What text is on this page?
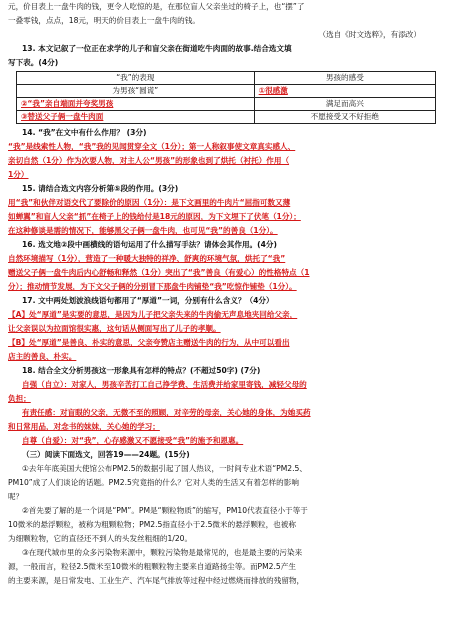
元，价目表上一盘牛肉的钱，更令人吃惊的是，在那位盲人父亲坐过的椅子上，也“摆”了
一叠零钱，点点，18元，明天的价目表上一盘牛肉的钱。
（选自《时文选粹》，有添改）
13. 本文记叙了一位正在求学的儿子和盲父亲在街道吃牛肉面的故事.结合选文填
写下表。(4分)
“我”的表现	男孩的感受
为男孩“圆谎”	①很感激
②“我”亲自端面并夸奖男孩	满足而高兴
③替送父子俩一盘牛肉面	不愿接受又不好拒绝
14. “我”在文中有什么作用？ (3分)
“我”是线索性人物，“我”我的见闻贯穿全文（1分）；第一人称叙事使文章真实感人、
亲切自然（1分）作为次要人物，对主人公“男孩”的形象也到了烘托（衬托）作用（
1分）
15. 请结合选文内容分析第⑤段的作用。(3分)
用“我”和伙伴对语交代了要除价的原因（1分）：是下文画里的牛肉片“屈指可数又薄
如蝉翼”和盲人父亲“抓”在椅子上的钱给付是18元的原因，为下文埋下了伏笔（1分）；
在这种修谈是需的情况下，能够黑父子俩一盘牛肉，也可见“我”的善良（1分）。
16. 选文地②段中画横线的语句运用了什么描写手法？请体会其作用。(4分)
自然环境描写（1分），营造了一种暖大独特的祥净、舒爽的环境气氛，烘托了“我”
赠送父子俩一盘牛肉后内心舒畅和释然（1分）突出了“我”善良（有爱心）的性格特点（1
分）；推动情节发展，为下文父子俩的分别冒下那盘牛肉铺垫“我”吃惊作铺垫（1分）。
17. 文中两处划波浪线语句都用了“厚道”一词，分别有什么含义？（4分）
【A】处“厚道”是实要的意思，是因为儿子把父亲失来的牛肉偷无声息地夹回给父亲，
让父亲误以为拉面馆很实惠，这句话从侧面写出了儿子的孝顺。
【B】处“厚道”是善良、朴实的意思，父亲夸赞店主赠送牛肉的行为，从中可以看出
店主的善良、朴实。
18. 结合全文分析男孩这一形象具有怎样的特点？(不超过50字) (7分)
自强（自立）：对家人，男孩辛苦打工自己挣学费、生活费并给家里寄钱，减轻父母的
负担；
有责任感：对盲眼的父亲，无微不至的照顾，对辛劳的母亲，关心她的身体，为她买药
和日常用品，对念书的妹妹，关心她的学习；
自尊（自爱）：对“我”，心存感激又不愿接受“我”的施予和恩惠。
（三）阅读下面选文，回答19——24题。(15分)
①去年年底美国大使馆公布PM2.5的数据引起了国人热议，一时间专业术语“PM2.5、
PM10”成了人们谈论的话题。PM2.5究竟指的什么？它对人类的生活又有着怎样的影响
呢？
②首先要了解的是一个词是“PM”。PM是“颗粒物质”的缩写，PM10代表直径小于等于
10微米的悬浮颗粒，被称为粗颗粒物；PM2.5指直径小于2.5微米的悬浮颗粒，也被称
为细颗粒物，它的直径还不到人的头发丝粗细的1/20。
③在现代城市里的众多污染物来源中，颗粒污染物是最常见的，也是最主要的污染来
源，一般而言，粒径2.5微米至10微米的粗颗粒物主要来自道路扬尘等。而PM2.5产生
的主要来源，是日常发电、工业生产、汽车尾气排放等过程中经过燃烧而排放的残留物，
